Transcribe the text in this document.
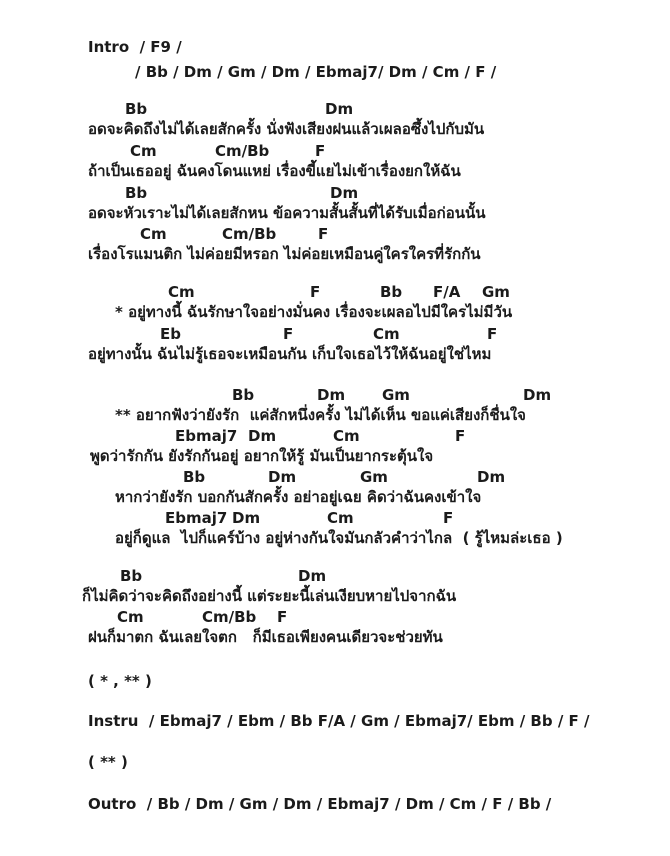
Intro  / F9 /
/ Bb / Dm / Gm / Dm / Ebmaj7/ Dm / Cm / F /
Bb	Dm
อดจะคิดถึงไม่ได้เลยสักครั้ง นั่งฟังเสียงฝนแล้วเผลอซึ้งไปกับมัน
Cm	Cm/Bb	F
ถ้าเป็นเธออยู่ ฉันคงโดนแหย่ เรื่องขี้แยไม่เข้าเรื่องยกให้ฉัน
Bb	Dm
อดจะหัวเราะไม่ได้เลยสักหน ข้อความสั้นสั้นที่ได้รับเมื่อก่อนนั้น
Cm	Cm/Bb	F
เรื่องโรแมนติก ไม่ค่อยมีหรอก ไม่ค่อยเหมือนคู่ใครใครที่รักกัน
Cm	F	Bb F/A Gm
* อยู่ทางนี้ ฉันรักษาใจอย่างมั่นคง เรื่องจะเผลอไปมีใครไม่มีวัน
Eb	F	Cm	F
อยู่ทางนั้น ฉันไม่รู้เธอจะเหมือนกัน เก็บใจเธอไว้ให้ฉันอยู่ใช่ไหม
Bb	Dm Gm	Dm
** อยากฟังว่ายังรัก  แค่สักหนึ่งครั้ง ไม่ได้เห็น ขอแค่เสียงก็ชื่นใจ
Ebmaj7 Dm	Cm	F
พูดว่ารักกัน ยังรักกันอยู่ อยากให้รู้ มันเป็นยากระตุ้นใจ
Bb	Dm	Gm	Dm
หากว่ายังรัก บอกกันสักครั้ง อย่าอยู่เฉย คิดว่าฉันคงเข้าใจ
Ebmaj7 Dm	Cm	F
อยู่ก็ดูแล  ไปก็แคร์บ้าง อยู่ห่างกันใจมันกลัวคำว่าไกล  ( รู้ไหมล่ะเธอ )
Bb	Dm
ก็ไม่คิดว่าจะคิดถึงอย่างนี้ แต่ระยะนี้เล่นเงียบหายไปจากฉัน
Cm	Cm/Bb F
ฝนก็มาตก ฉันเลยใจตก   ก็มีเธอเพียงคนเดียวจะช่วยทัน
( * , ** )
Instru  / Ebmaj7 / Ebm / Bb F/A / Gm / Ebmaj7/ Ebm / Bb / F /
( ** )
Outro  / Bb / Dm / Gm / Dm / Ebmaj7 / Dm / Cm / F / Bb /
